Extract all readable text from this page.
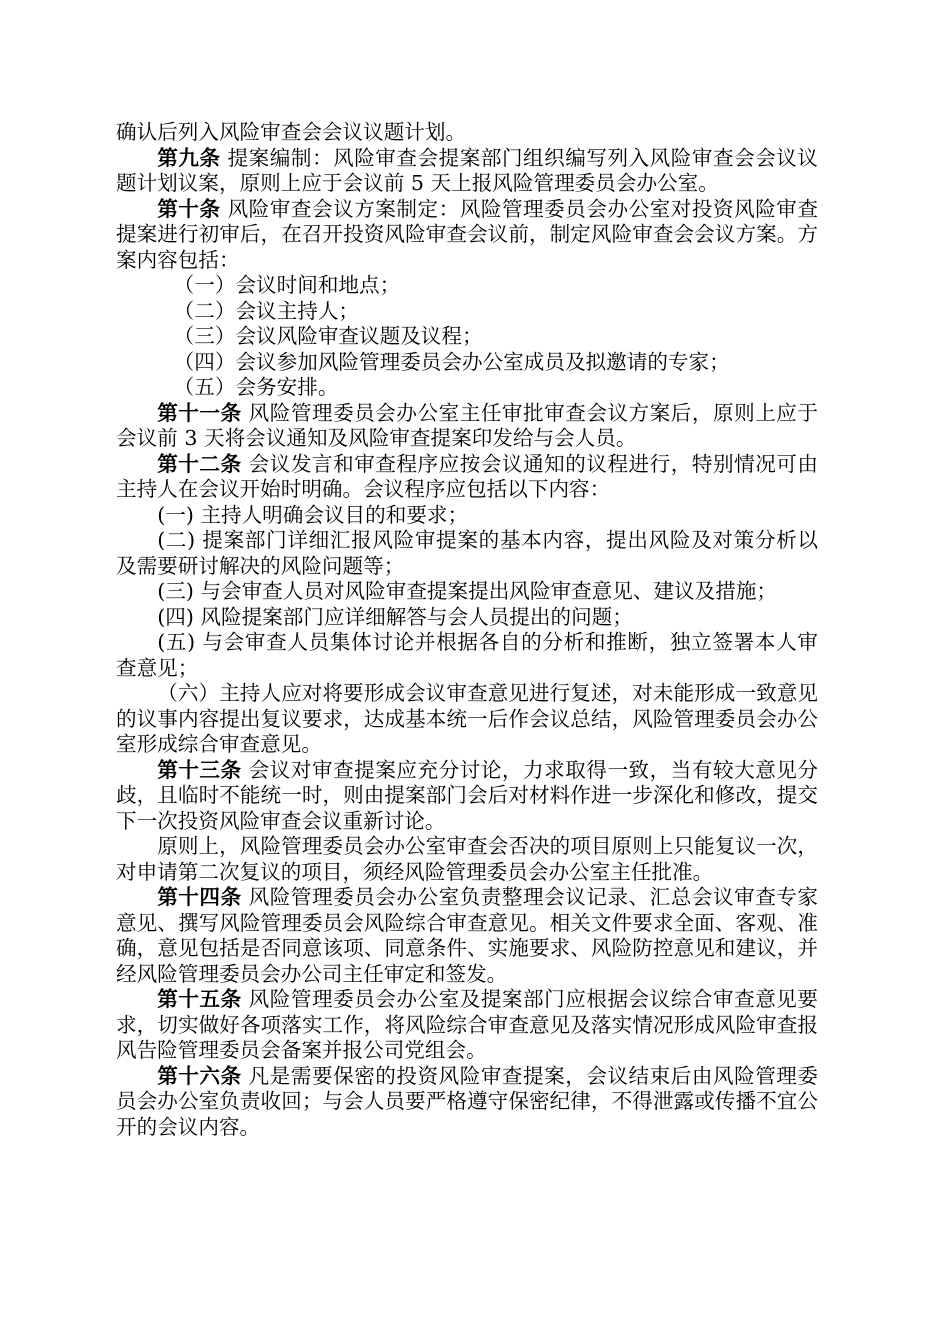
确认后列入风险审查会会议议题计划。

第九条 提案编制：风险审查会提案部门组织编写列入风险审查会会议议题计划议案，原则上应于会议前 5 天上报风险管理委员会办公室。

第十条 风险审查会议方案制定：风险管理委员会办公室对投资风险审查提案进行初审后，在召开投资风险审查会议前，制定风险审查会会议方案。方案内容包括：

（一）会议时间和地点；

（二）会议主持人；

（三）会议风险审查议题及议程；

（四）会议参加风险管理委员会办公室成员及拟邀请的专家；

（五）会务安排。

第十一条 风险管理委员会办公室主任审批审查会议方案后，原则上应于会议前 3 天将会议通知及风险审查提案印发给与会人员。

第十二条 会议发言和审查程序应按会议通知的议程进行，特别情况可由主持人在会议开始时明确。会议程序应包括以下内容：

(一) 主持人明确会议目的和要求；

(二) 提案部门详细汇报风险审提案的基本内容，提出风险及对策分析以及需要研讨解决的风险问题等；

(三) 与会审查人员对风险审查提案提出风险审查意见、建议及措施；

(四) 风险提案部门应详细解答与会人员提出的问题；

(五) 与会审查人员集体讨论并根据各自的分析和推断，独立签署本人审查意见；

（六）主持人应对将要形成会议审查意见进行复述，对未能形成一致意见的议事内容提出复议要求，达成基本统一后作会议总结，风险管理委员会办公室形成综合审查意见。

第十三条 会议对审查提案应充分讨论，力求取得一致，当有较大意见分歧，且临时不能统一时，则由提案部门会后对材料作进一步深化和修改，提交下一次投资风险审查会议重新讨论。

原则上，风险管理委员会办公室审查会否决的项目原则上只能复议一次，对申请第二次复议的项目，须经风险管理委员会办公室主任批准。

第十四条 风险管理委员会办公室负责整理会议记录、汇总会议审查专家意见、撰写风险管理委员会风险综合审查意见。相关文件要求全面、客观、准确，意见包括是否同意该项、同意条件、实施要求、风险防控意见和建议，并经风险管理委员会办公司主任审定和签发。

第十五条 风险管理委员会办公室及提案部门应根据会议综合审查意见要求，切实做好各项落实工作，将风险综合审查意见及落实情况形成风险审查报风告险管理委员会备案并报公司党组会。

第十六条 凡是需要保密的投资风险审查提案，会议结束后由风险管理委员会办公室负责收回；与会人员要严格遵守保密纪律，不得泄露或传播不宜公开的会议内容。
